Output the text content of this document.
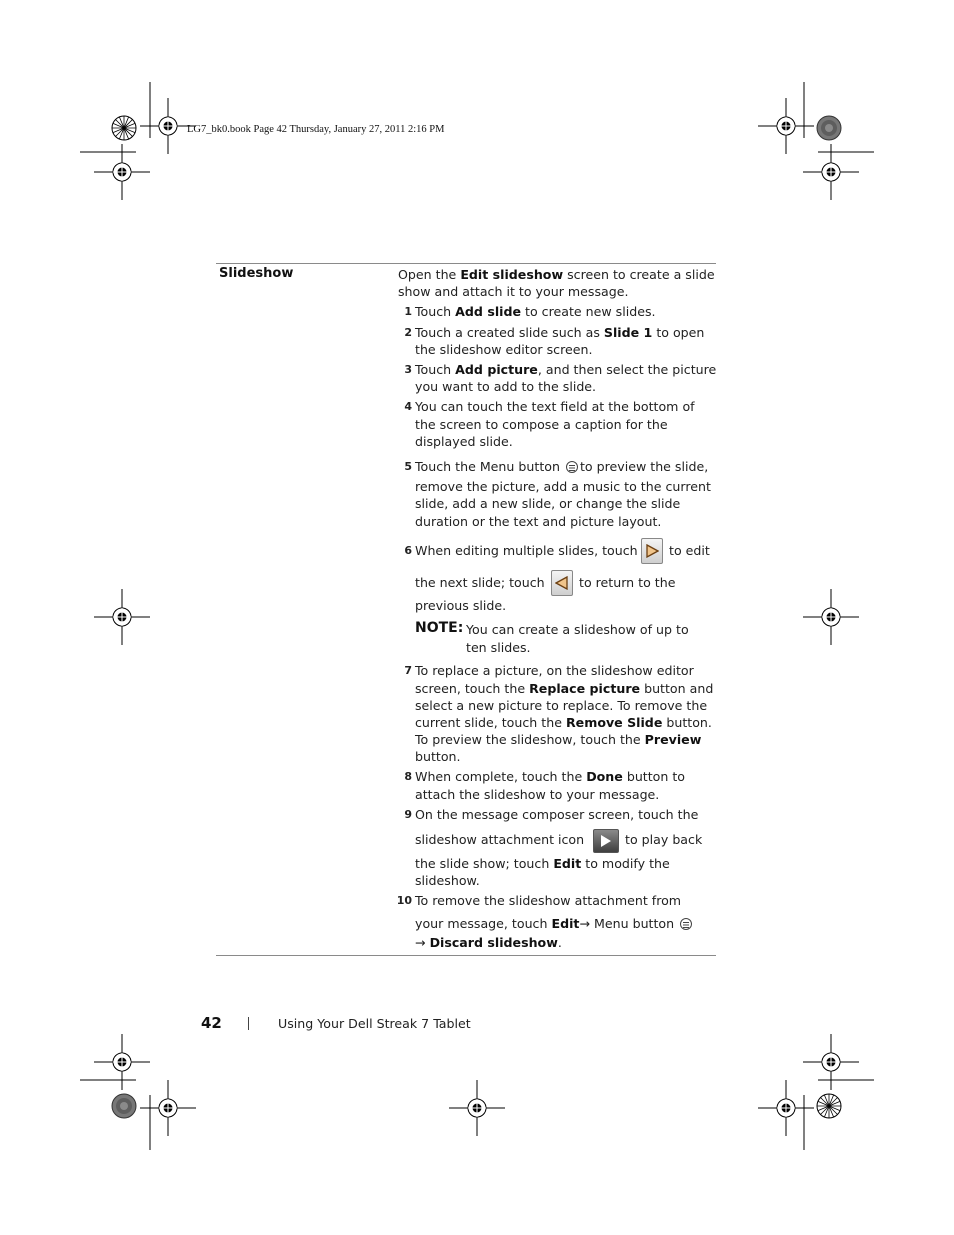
LG7_bk0.book Page 42 Thursday, January 27, 2011 2:16 PM
Slideshow	Open the Edit slideshow screen to create a slide
show and attach it to your message.
1 Touch Add slide to create new slides.
2 Touch a created slide such as Slide 1 to open
the slideshow editor screen.
3 Touch Add picture, and then select the picture
you want to add to the slide.
4 You can touch the text field at the bottom of
the screen to compose a caption for the
displayed slide.
5 Touch the Menu button to preview the slide,
remove the picture, add a music to the current
slide, add a new slide, or change the slide
duration or the text and picture layout.
6 When editing multiple slides, touch to edit
the next slide; touch	to return to the
previous slide.
NOTE: You can create a slideshow of up to
ten slides.
7 To replace a picture, on the slideshow editor
screen, touch the Replace picture button and
select a new picture to replace. To remove the
current slide, touch the Remove Slide button.
To preview the slideshow, touch the Preview
button.
8 When complete, touch the Done button to
attach the slideshow to your message.
9 On the message composer screen, touch the
slideshow attachment icon	to play back
the slide show; touch Edit to modify the
slideshow.
10 To remove the slideshow attachment from
your message, touch Edit→ Menu button
→ Discard slideshow.
42	Using Your Dell Streak 7 Tablet
